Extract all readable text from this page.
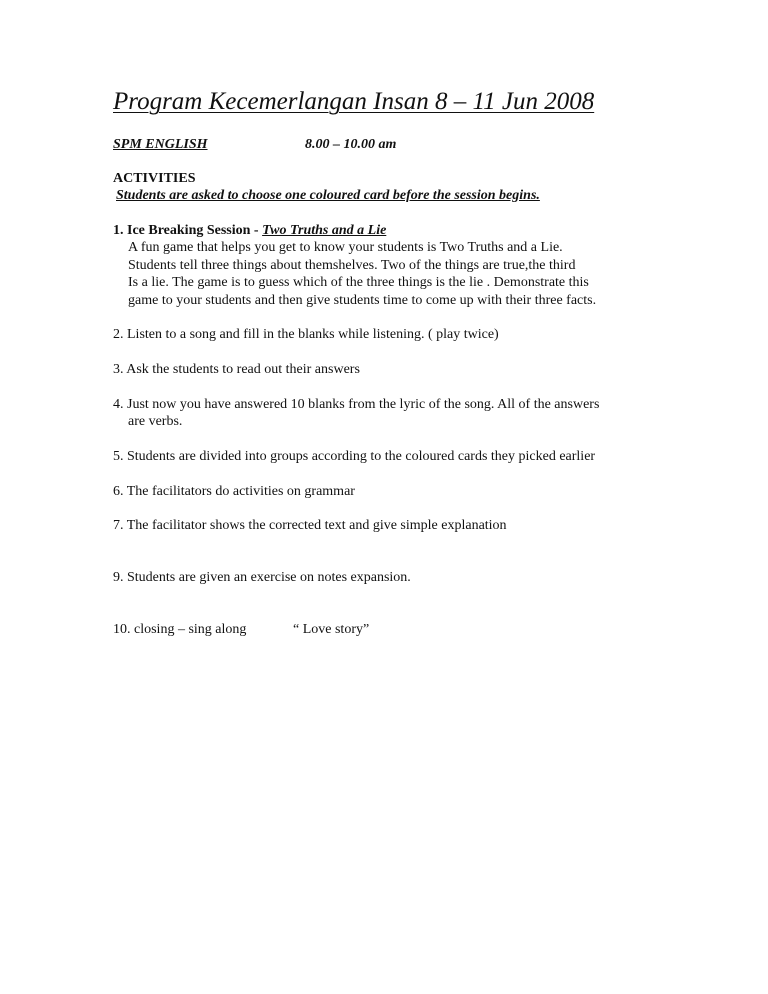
Program Kecemerlangan Insan 8 – 11 Jun 2008
SPM ENGLISH	8.00 – 10.00 am
ACTIVITIES
Students are asked to choose one coloured card before the session begins.
1. Ice Breaking Session - Two Truths and a Lie
A fun game that helps you get to know your students is Two Truths and a Lie.
Students tell three things about themshelves. Two of the things are true,the third
Is a lie. The game is to guess which of the three things is the lie . Demonstrate this
game to your students and then give students time to come up with their three facts.
2. Listen to a song and fill in the blanks while listening. ( play twice)
3. Ask the students to read out their answers
4. Just now you have answered 10 blanks from the lyric of the song. All of the answers
are verbs.
5. Students are divided into groups according to the coloured cards they picked earlier
6. The facilitators do activities on grammar
7. The facilitator shows the corrected text and give simple explanation
9. Students are given an exercise on notes expansion.
10. closing – sing along	“ Love story”
